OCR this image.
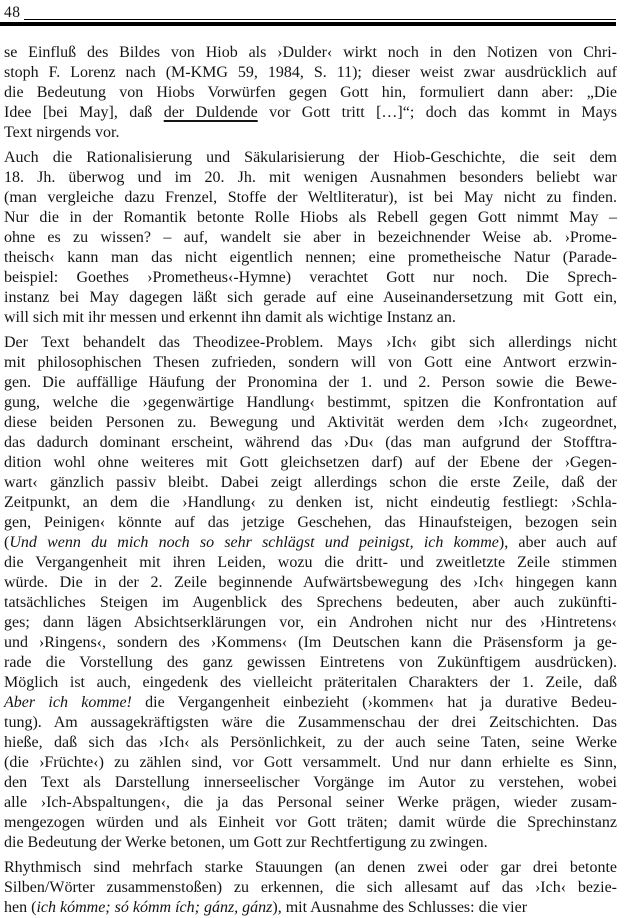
48
se Einfluß des Bildes von Hiob als ›Dulder‹ wirkt noch in den Notizen von Chri-
stoph F. Lorenz nach (M-KMG 59, 1984, S. 11); dieser weist zwar ausdrücklich auf
die Bedeutung von Hiobs Vorwürfen gegen Gott hin, formuliert dann aber: „Die
Idee [bei May], daß der Duldende vor Gott tritt […]“; doch das kommt in Mays
Text nirgends vor.
Auch die Rationalisierung und Säkularisierung der Hiob-Geschichte, die seit dem
18. Jh. überwog und im 20. Jh. mit wenigen Ausnahmen besonders beliebt war
(man vergleiche dazu Frenzel, Stoffe der Weltliteratur), ist bei May nicht zu finden.
Nur die in der Romantik betonte Rolle Hiobs als Rebell gegen Gott nimmt May –
ohne es zu wissen? – auf, wandelt sie aber in bezeichnender Weise ab. ›Prome-
theisch‹ kann man das nicht eigentlich nennen; eine prometheische Natur (Parade-
beispiel: Goethes ›Prometheus‹-Hymne) verachtet Gott nur noch. Die Sprech-
instanz bei May dagegen läßt sich gerade auf eine Auseinandersetzung mit Gott ein,
will sich mit ihr messen und erkennt ihn damit als wichtige Instanz an.
Der Text behandelt das Theodizee-Problem. Mays ›Ich‹ gibt sich allerdings nicht
mit philosophischen Thesen zufrieden, sondern will von Gott eine Antwort erzwin-
gen. Die auffällige Häufung der Pronomina der 1. und 2. Person sowie die Bewe-
gung, welche die ›gegenwärtige Handlung‹ bestimmt, spitzen die Konfrontation auf
diese beiden Personen zu. Bewegung und Aktivität werden dem ›Ich‹ zugeordnet,
das dadurch dominant erscheint, während das ›Du‹ (das man aufgrund der Stofftra-
dition wohl ohne weiteres mit Gott gleichsetzen darf) auf der Ebene der ›Gegen-
wart‹ gänzlich passiv bleibt. Dabei zeigt allerdings schon die erste Zeile, daß der
Zeitpunkt, an dem die ›Handlung‹ zu denken ist, nicht eindeutig festliegt: ›Schla-
gen, Peinigen‹ könnte auf das jetzige Geschehen, das Hinaufsteigen, bezogen sein
(Und wenn du mich noch so sehr schlägst und peinigst, ich komme), aber auch auf
die Vergangenheit mit ihren Leiden, wozu die dritt- und zweitletzte Zeile stimmen
würde. Die in der 2. Zeile beginnende Aufwärtsbewegung des ›Ich‹ hingegen kann
tatsächliches Steigen im Augenblick des Sprechens bedeuten, aber auch zukünfti-
ges; dann lägen Absichtserklärungen vor, ein Androhen nicht nur des ›Hintretens‹
und ›Ringens‹, sondern des ›Kommens‹ (Im Deutschen kann die Präsensform ja ge-
rade die Vorstellung des ganz gewissen Eintretens von Zukünftigem ausdrücken).
Möglich ist auch, eingedenk des vielleicht präteritalen Charakters der 1. Zeile, daß
Aber ich komme! die Vergangenheit einbezieht (›kommen‹ hat ja durative Bedeu-
tung). Am aussagekräftigsten wäre die Zusammenschau der drei Zeitschichten. Das
hieße, daß sich das ›Ich‹ als Persönlichkeit, zu der auch seine Taten, seine Werke
(die ›Früchte‹) zu zählen sind, vor Gott versammelt. Und nur dann erhielte es Sinn,
den Text als Darstellung innerseelischer Vorgänge im Autor zu verstehen, wobei
alle ›Ich-Abspaltungen‹, die ja das Personal seiner Werke prägen, wieder zusam-
mengezogen würden und als Einheit vor Gott träten; damit würde die Sprechinstanz
die Bedeutung der Werke betonen, um Gott zur Rechtfertigung zu zwingen.
Rhythmisch sind mehrfach starke Stauungen (an denen zwei oder gar drei betonte
Silben/Wörter zusammenstoßen) zu erkennen, die sich allesamt auf das ›Ich‹ bezie-
hen (ich kómme; só kómm ích; gánz, gánz), mit Ausnahme des Schlusses: die vier
